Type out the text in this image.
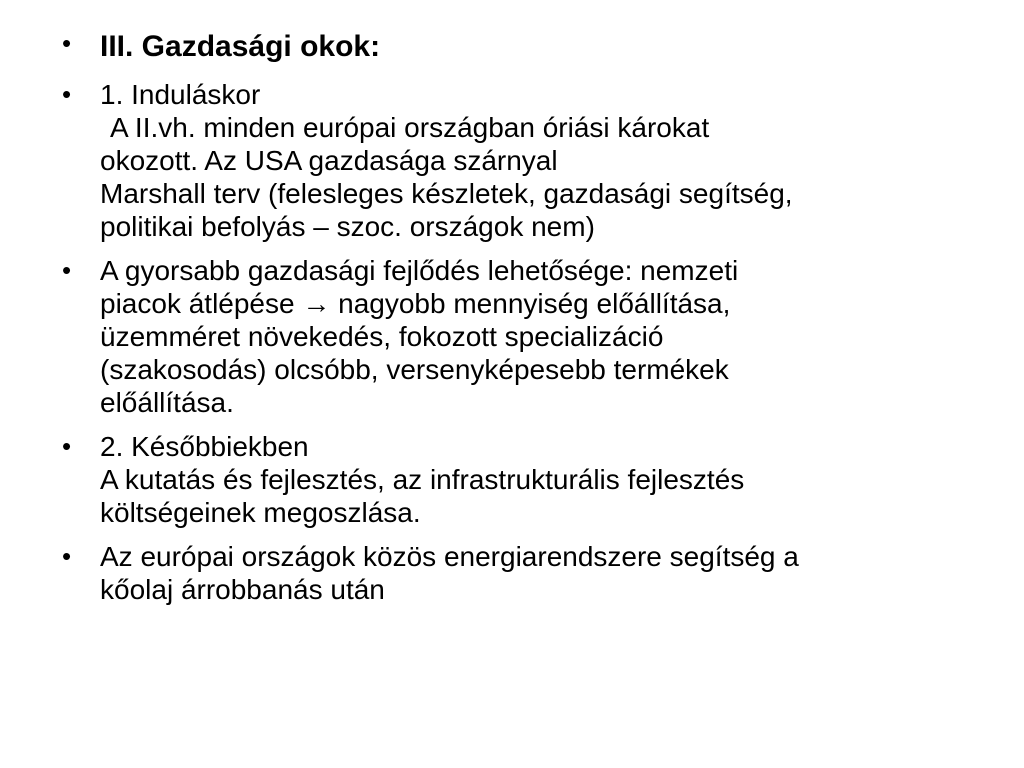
• III. Gazdasági okok:
•	1. Induláskor
A II.vh. minden európai országban óriási károkat
okozott. Az USA gazdasága szárnyal
Marshall terv (felesleges készletek, gazdasági segítség,
politikai befolyás – szoc. országok nem)
•	A gyorsabb gazdasági fejlődés lehetősége: nemzeti
piacok átlépése → nagyobb mennyiség előállítása,
üzemméret növekedés, fokozott specializáció
(szakosodás) olcsóbb, versenyképesebb termékek
előállítása.
•	2. Későbbiekben
A kutatás és fejlesztés, az infrastrukturális fejlesztés
költségeinek megoszlása.
•	Az európai országok közös energiarendszere segítség a
kőolaj árrobbanás után
